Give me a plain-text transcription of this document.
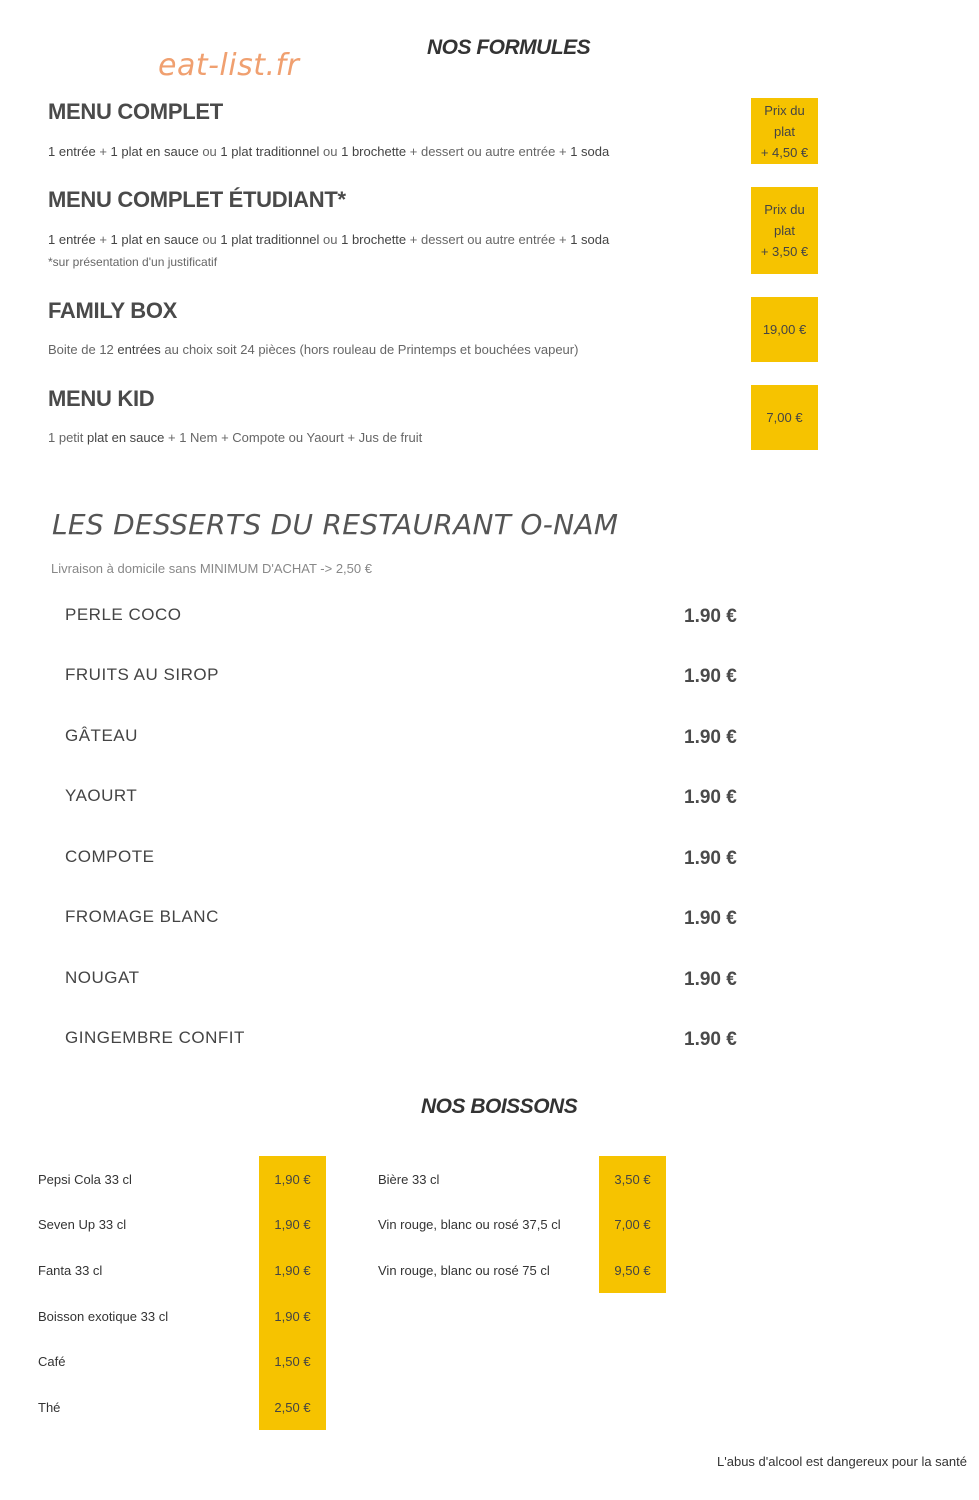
eat-list.fr
NOS FORMULES
MENU COMPLET
1 entrée + 1 plat en sauce ou 1 plat traditionnel ou 1 brochette + dessert ou autre entrée + 1 soda
Prix du
plat
+ 4,50 €
MENU COMPLET ÉTUDIANT*
1 entrée + 1 plat en sauce ou 1 plat traditionnel ou 1 brochette + dessert ou autre entrée + 1 soda
*sur présentation d'un justificatif
Prix du
plat
+ 3,50 €
FAMILY BOX
Boite de 12 entrées au choix soit 24 pièces (hors rouleau de Printemps et bouchées vapeur)
19,00 €
MENU KID
1 petit plat en sauce + 1 Nem + Compote ou Yaourt + Jus de fruit
7,00 €
LES DESSERTS DU RESTAURANT O-NAM
Livraison à domicile sans MINIMUM D'ACHAT -> 2,50 €
PERLE COCO	1.90 €
FRUITS AU SIROP	1.90 €
GÂTEAU	1.90 €
YAOURT	1.90 €
COMPOTE	1.90 €
FROMAGE BLANC	1.90 €
NOUGAT	1.90 €
GINGEMBRE CONFIT	1.90 €
NOS BOISSONS
Pepsi Cola 33 cl	1,90 €
Seven Up 33 cl	1,90 €
Fanta 33 cl	1,90 €
Boisson exotique 33 cl	1,90 €
Café	1,50 €
Thé	2,50 €
Bière 33 cl	3,50 €
Vin rouge, blanc ou rosé 37,5 cl	7,00 €
Vin rouge, blanc ou rosé 75 cl	9,50 €
L'abus d'alcool est dangereux pour la santé
